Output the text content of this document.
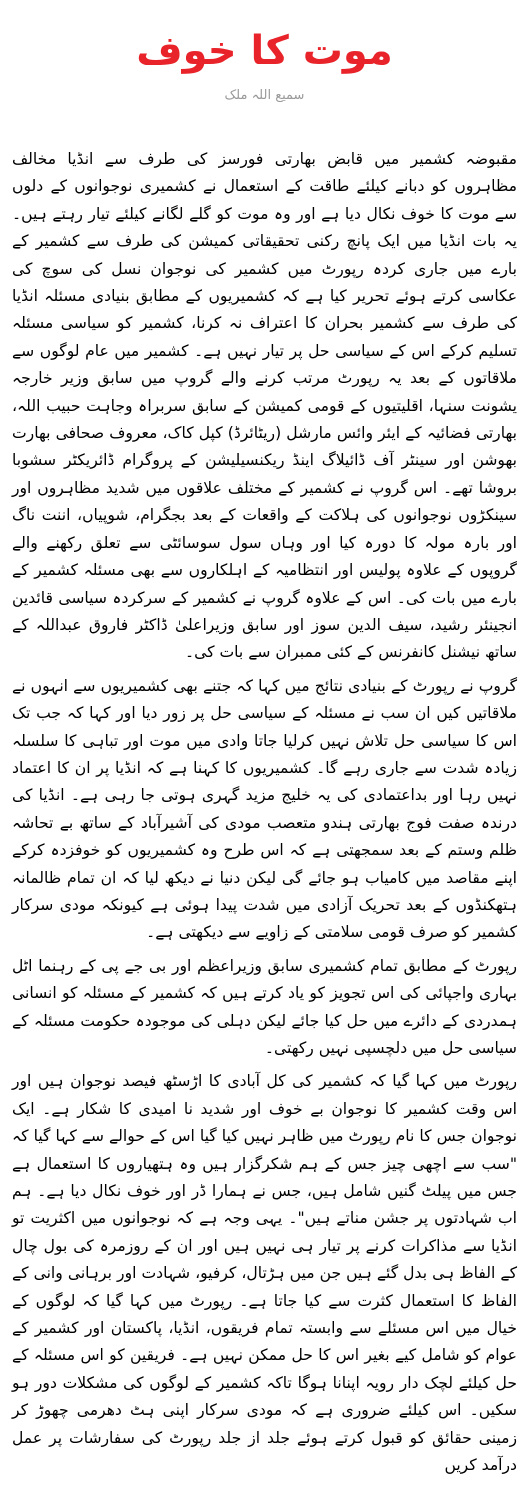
موت کا خوف
سمیع اللہ ملک

مقبوضہ کشمیر میں قابض بھارتی فورسز کی طرف سے انڈیا مخالف مظاہروں کو دبانے کیلئے طاقت کے استعمال نے کشمیری نوجوانوں کے دلوں سے موت کا خوف نکال دیا ہے اور وہ موت کو گلے لگانے کیلئے تیار رہتے ہیں۔ یہ بات انڈیا میں ایک پانچ رکنی تحقیقاتی کمیشن کی طرف سے کشمیر کے بارے میں جاری کردہ رپورٹ میں کشمیر کی نوجوان نسل کی سوچ کی عکاسی کرتے ہوئے تحریر کیا ہے کہ کشمیریوں کے مطابق بنیادی مسئلہ انڈیا کی طرف سے کشمیر بحران کا اعتراف نہ کرنا، کشمیر کو سیاسی مسئلہ تسلیم کرکے اس کے سیاسی حل پر تیار نہیں ہے۔ کشمیر میں عام لوگوں سے ملاقاتوں کے بعد یہ رپورٹ مرتب کرنے والے گروپ میں سابق وزیر خارجہ یشونت سنہا، اقلیتیوں کے قومی کمیشن کے سابق سربراہ وجاہت حبیب اللہ، بھارتی فضائیہ کے ایئر وائس مارشل (ریٹائرڈ) کپل کاک، معروف صحافی بھارت بھوشن اور سینٹر آف ڈائیلاگ اینڈ ریکنسیلیشن کے پروگرام ڈائریکٹر سشوبا بروشا تھے۔ اس گروپ نے کشمیر کے مختلف علاقوں میں شدید مظاہروں اور سینکڑوں نوجوانوں کی ہلاکت کے واقعات کے بعد بجگرام، شوپیاں، اننت ناگ اور بارہ مولہ کا دورہ کیا اور وہاں سول سوسائٹی سے تعلق رکھنے والے گروپوں کے علاوہ پولیس اور انتظامیہ کے اہلکاروں سے بھی مسئلہ کشمیر کے بارے میں بات کی۔ اس کے علاوہ گروپ نے کشمیر کے سرکردہ سیاسی قائدین انجینئر رشید، سیف الدین سوز اور سابق وزیراعلیٰ ڈاکٹر فاروق عبداللہ کے ساتھ نیشنل کانفرنس کے کئی ممبران سے بات کی۔

گروپ نے رپورٹ کے بنیادی نتائج میں کہا کہ جتنے بھی کشمیریوں سے انہوں نے ملاقاتیں کیں ان سب نے مسئلہ کے سیاسی حل پر زور دیا اور کہا کہ جب تک اس کا سیاسی حل تلاش نہیں کرلیا جاتا وادی میں موت اور تباہی کا سلسلہ زیادہ شدت سے جاری رہے گا۔ کشمیریوں کا کہنا ہے کہ انڈیا پر ان کا اعتماد نہیں رہا اور بداعتمادی کی یہ خلیج مزید گہری ہوتی جا رہی ہے۔ انڈیا کی درندہ صفت فوج بھارتی ہندو متعصب مودی کی آشیرآباد کے ساتھ بے تحاشہ ظلم وستم کے بعد سمجھتی ہے کہ اس طرح وہ کشمیریوں کو خوفزدہ کرکے اپنے مقاصد میں کامیاب ہو جائے گی لیکن دنیا نے دیکھ لیا کہ ان تمام ظالمانہ ہتھکنڈوں کے بعد تحریک آزادی میں شدت پیدا ہوئی ہے کیونکہ مودی سرکار کشمیر کو صرف قومی سلامتی کے زاویے سے دیکھتی ہے۔

رپورٹ کے مطابق تمام کشمیری سابق وزیراعظم اور بی جے پی کے رہنما اٹل بہاری واجپائی کی اس تجویز کو یاد کرتے ہیں کہ کشمیر کے مسئلہ کو انسانی ہمدردی کے دائرے میں حل کیا جائے لیکن دہلی کی موجودہ حکومت مسئلہ کے سیاسی حل میں دلچسپی نہیں رکھتی۔

رپورٹ میں کہا گیا کہ کشمیر کی کل آبادی کا اڑسٹھ فیصد نوجوان ہیں اور اس وقت کشمیر کا نوجوان بے خوف اور شدید نا امیدی کا شکار ہے۔ ایک نوجوان جس کا نام رپورٹ میں ظاہر نہیں کیا گیا اس کے حوالے سے کہا گیا کہ "سب سے اچھی چیز جس کے ہم شکرگزار ہیں وہ ہتھیاروں کا استعمال ہے جس میں پیلٹ گنیں شامل ہیں، جس نے ہمارا ڈر اور خوف نکال دیا ہے۔ ہم اب شہادتوں پر جشن مناتے ہیں"۔ یہی وجہ ہے کہ نوجوانوں میں اکثریت تو انڈیا سے مذاکرات کرنے پر تیار ہی نہیں ہیں اور ان کے روزمرہ کی بول چال کے الفاظ ہی بدل گئے ہیں جن میں ہڑتال، کرفیو، شہادت اور برہانی وانی کے الفاظ کا استعمال کثرت سے کیا جاتا ہے۔ رپورٹ میں کہا گیا کہ لوگوں کے خیال میں اس مسئلے سے وابستہ تمام فریقوں، انڈیا، پاکستان اور کشمیر کے عوام کو شامل کیے بغیر اس کا حل ممکن نہیں ہے۔ فریقین کو اس مسئلہ کے حل کیلئے لچک دار رویہ اپنانا ہوگا تاکہ کشمیر کے لوگوں کی مشکلات دور ہو سکیں۔ اس کیلئے ضروری ہے کہ مودی سرکار اپنی ہٹ دھرمی چھوڑ کر زمینی حقائق کو قبول کرتے ہوئے جلد از جلد رپورٹ کی سفارشات پر عمل درآمد کریں
